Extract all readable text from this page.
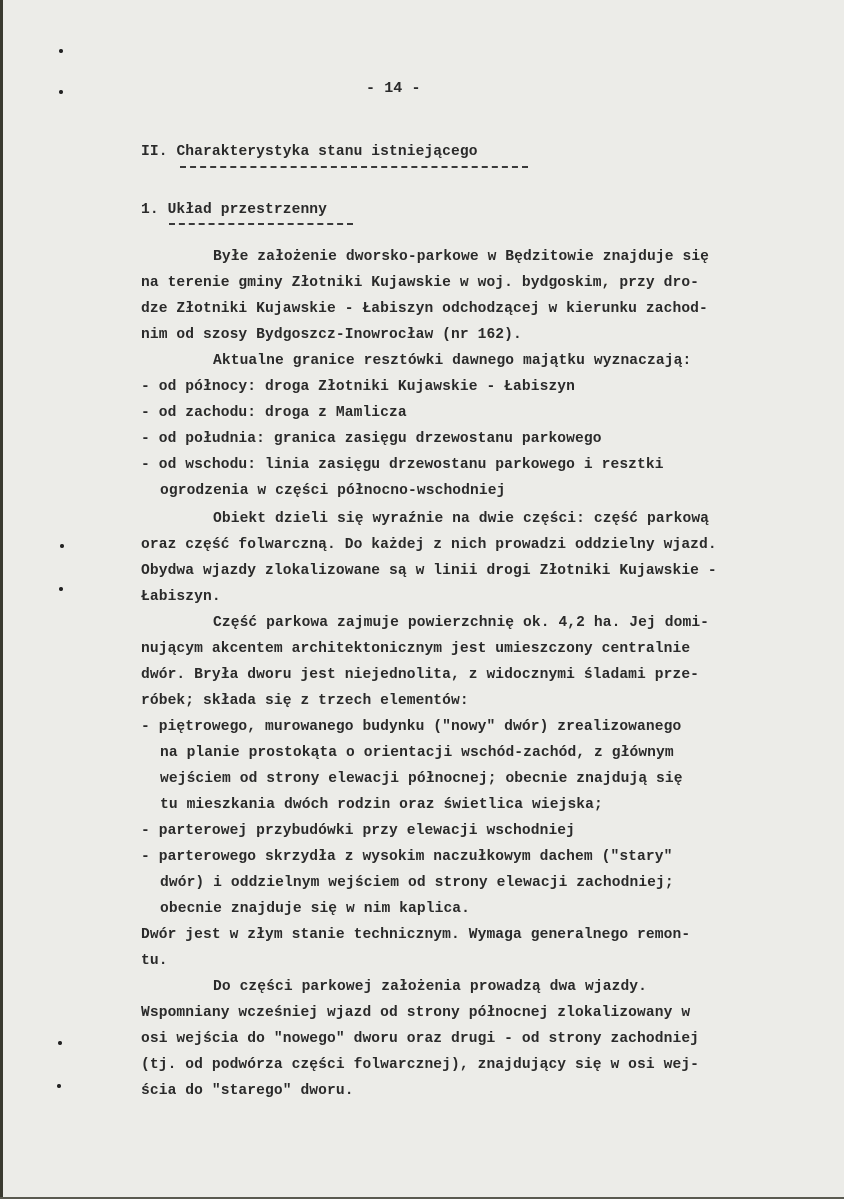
- 14 -
II. Charakterystyka stanu istniejącego
1. Układ przestrzenny
Byłe założenie dworsko-parkowe w Będzitowie znajduje się
na terenie gminy Złotniki Kujawskie w woj. bydgoskim, przy dro-
dze Złotniki Kujawskie - Łabiszyn odchodzącej w kierunku zachod-
nim od szosy Bydgoszcz-Inowrocław (nr 162).
Aktualne granice resztówki dawnego majątku wyznaczają:
- od północy: droga Złotniki Kujawskie - Łabiszyn
- od zachodu: droga z Mamlicza
- od południa: granica zasięgu drzewostanu parkowego
- od wschodu: linia zasięgu drzewostanu parkowego i resztki
ogrodzenia w części północno-wschodniej
Obiekt dzieli się wyraźnie na dwie części: część parkową
oraz część folwarczną. Do każdej z nich prowadzi oddzielny wjazd.
Obydwa wjazdy zlokalizowane są w linii drogi Złotniki Kujawskie -
Łabiszyn.
Część parkowa zajmuje powierzchnię ok. 4,2 ha. Jej domi-
nującym akcentem architektonicznym jest umieszczony centralnie
dwór. Bryła dworu jest niejednolita, z widocznymi śladami prze-
róbek; składa się z trzech elementów:
- piętrowego, murowanego budynku ("nowy" dwór) zrealizowanego
na planie prostokąta o orientacji wschód-zachód, z głównym
wejściem od strony elewacji północnej; obecnie znajdują się
tu mieszkania dwóch rodzin oraz świetlica wiejska;
- parterowej przybudówki przy elewacji wschodniej
- parterowego skrzydła z wysokim naczułkowym dachem ("stary"
dwór) i oddzielnym wejściem od strony elewacji zachodniej;
obecnie znajduje się w nim kaplica.
Dwór jest w złym stanie technicznym. Wymaga generalnego remon-
tu.
Do części parkowej założenia prowadzą dwa wjazdy.
Wspomniany wcześniej wjazd od strony północnej zlokalizowany w
osi wejścia do "nowego" dworu oraz drugi - od strony zachodniej
(tj. od podwórza części folwarcznej), znajdujący się w osi wej-
ścia do "starego" dworu.
